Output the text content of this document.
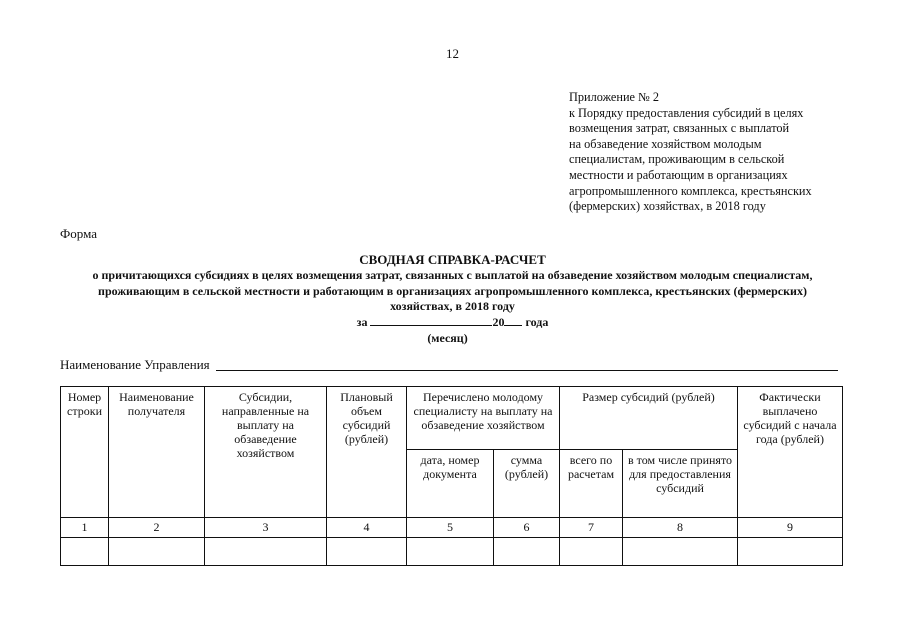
12
Приложение № 2
к Порядку предоставления субсидий в целях
возмещения затрат, связанных с выплатой
на обзаведение хозяйством молодым
специалистам, проживающим в сельской
местности и работающим в организациях
агропромышленного комплекса, крестьянских
(фермерских) хозяйствах, в 2018 году
Форма
СВОДНАЯ СПРАВКА-РАСЧЕТ
о причитающихся субсидиях в целях возмещения затрат, связанных с выплатой на обзаведение хозяйством молодым специалистам, проживающим в сельской местности и работающим в организациях агропромышленного комплекса, крестьянских (фермерских) хозяйствах, в 2018 году
за	20 года
(месяц)
Наименование Управления
Номер строки	Наименование получателя	Субсидии, направленные на выплату на обзаведение хозяйством	Плановый объем субсидий (рублей)	Перечислено молодому специалисту на выплату на обзаведение хозяйством		Размер субсидий (рублей)		Фактически выплачено субсидий с начала года (рублей)
				дата, номер документа	сумма (рублей)	всего по расчетам	в том числе принято для предоставления субсидий	
1	2	3	4	5	6	7	8	9
